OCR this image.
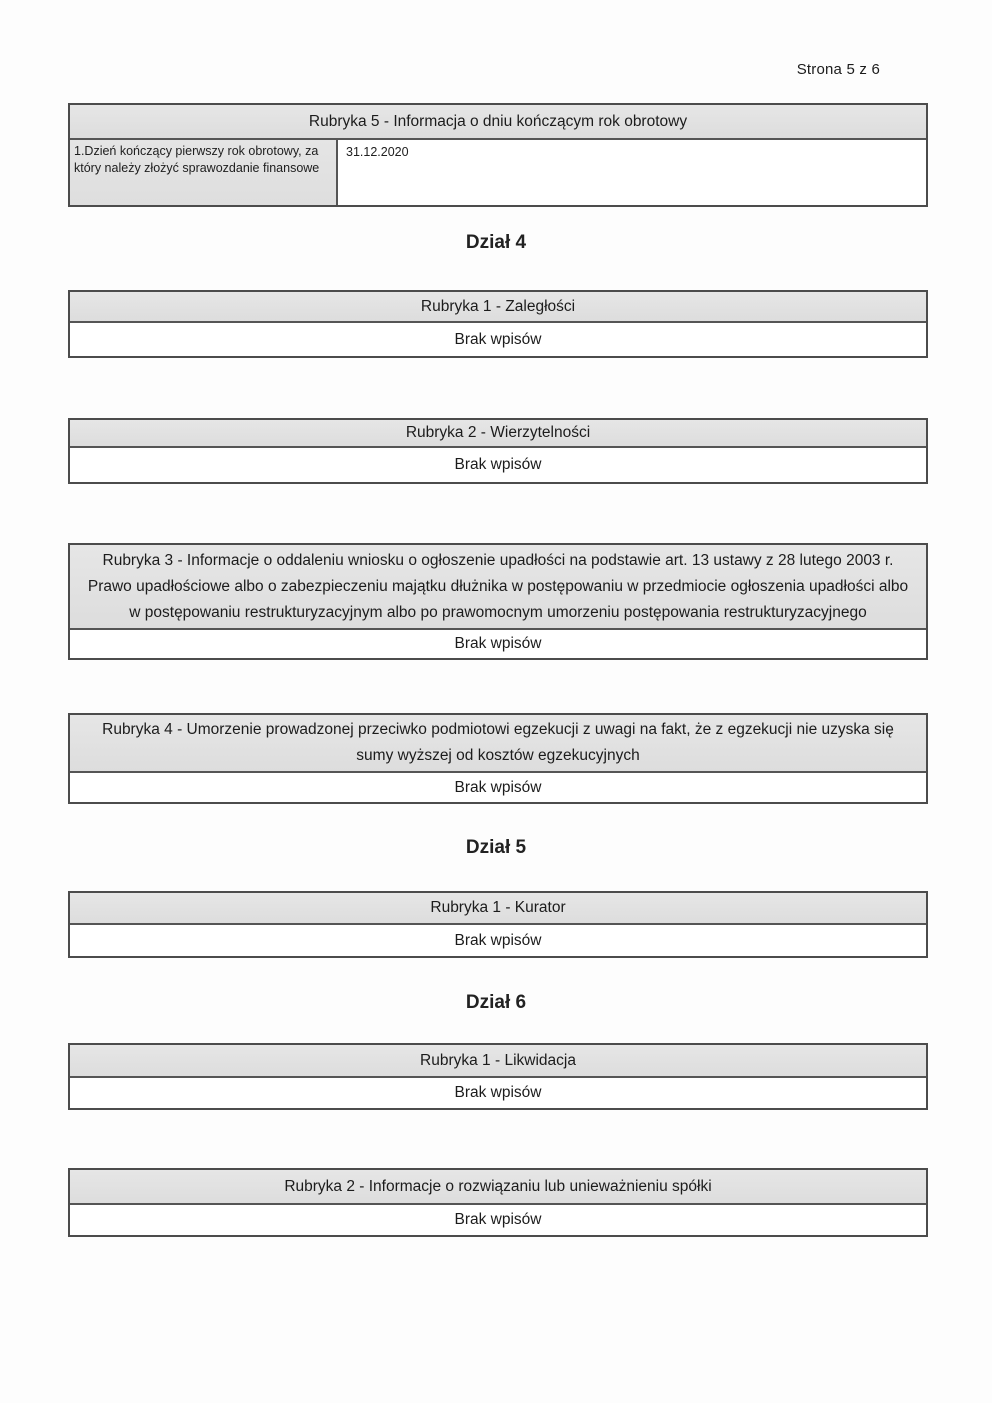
Strona 5 z 6
Rubryka 5 - Informacja o dniu kończącym rok obrotowy
1.Dzień kończący pierwszy rok obrotowy, za który należy złożyć sprawozdanie finansowe
31.12.2020
Dział 4
Rubryka 1 - Zaległości
Brak wpisów
Rubryka 2 - Wierzytelności
Brak wpisów
Rubryka 3 - Informacje o oddaleniu wniosku o ogłoszenie upadłości na podstawie art. 13 ustawy z 28 lutego 2003 r. Prawo upadłościowe albo o zabezpieczeniu majątku dłużnika w postępowaniu w przedmiocie ogłoszenia upadłości albo w postępowaniu restrukturyzacyjnym albo po prawomocnym umorzeniu postępowania restrukturyzacyjnego
Brak wpisów
Rubryka 4 - Umorzenie prowadzonej przeciwko podmiotowi egzekucji z uwagi na fakt, że z egzekucji nie uzyska się sumy wyższej od kosztów egzekucyjnych
Brak wpisów
Dział 5
Rubryka 1 - Kurator
Brak wpisów
Dział 6
Rubryka 1 - Likwidacja
Brak wpisów
Rubryka 2 - Informacje o rozwiązaniu lub unieważnieniu spółki
Brak wpisów
